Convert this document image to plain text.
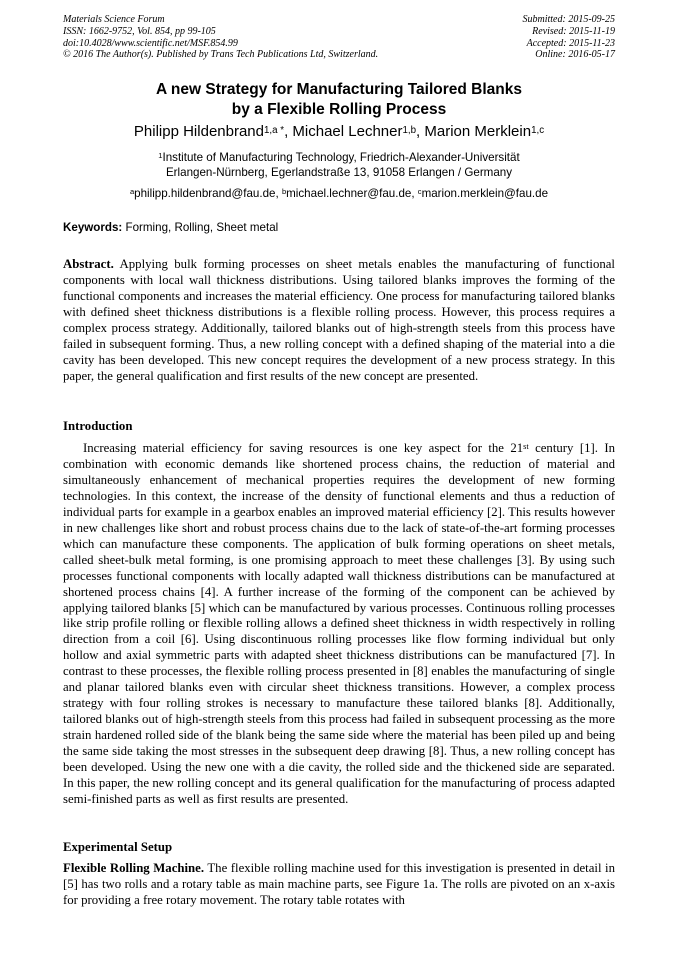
Materials Science Forum
ISSN: 1662-9752, Vol. 854, pp 99-105
doi:10.4028/www.scientific.net/MSF.854.99
© 2016 The Author(s). Published by Trans Tech Publications Ltd, Switzerland.
Submitted: 2015-09-25
Revised: 2015-11-19
Accepted: 2015-11-23
Online: 2016-05-17
A new Strategy for Manufacturing Tailored Blanks
by a Flexible Rolling Process
Philipp Hildenbrand$^{1,a *}$, Michael Lechner$^{1,b}$, Marion Merklein$^{1,c}$
$^1$Institute of Manufacturing Technology, Friedrich-Alexander-Universität
Erlangen-Nürnberg, Egerlandstraße 13, 91058 Erlangen / Germany
$^a$philipp.hildenbrand@fau.de, $^b$michael.lechner@fau.de, $^c$marion.merklein@fau.de
Keywords: Forming, Rolling, Sheet metal
Abstract. Applying bulk forming processes on sheet metals enables the manufacturing of functional components with local wall thickness distributions. Using tailored blanks improves the forming of the functional components and increases the material efficiency. One process for manufacturing tailored blanks with defined sheet thickness distributions is a flexible rolling process. However, this process requires a complex process strategy. Additionally, tailored blanks out of high-strength steels from this process have failed in subsequent forming. Thus, a new rolling concept with a defined shaping of the material into a die cavity has been developed. This new concept requires the development of a new process strategy. In this paper, the general qualification and first results of the new concept are presented.
Introduction
Increasing material efficiency for saving resources is one key aspect for the 21st century [1]. In combination with economic demands like shortened process chains, the reduction of material and simultaneously enhancement of mechanical properties requires the development of new forming technologies. In this context, the increase of the density of functional elements and thus a reduction of individual parts for example in a gearbox enables an improved material efficiency [2]. This results however in new challenges like short and robust process chains due to the lack of state-of-the-art forming processes which can manufacture these components. The application of bulk forming operations on sheet metals, called sheet-bulk metal forming, is one promising approach to meet these challenges [3]. By using such processes functional components with locally adapted wall thickness distributions can be manufactured at shortened process chains [4]. A further increase of the forming of the component can be achieved by applying tailored blanks [5] which can be manufactured by various processes. Continuous rolling processes like strip profile rolling or flexible rolling allows a defined sheet thickness in width respectively in rolling direction from a coil [6]. Using discontinuous rolling processes like flow forming individual but only hollow and axial symmetric parts with adapted sheet thickness distributions can be manufactured [7]. In contrast to these processes, the flexible rolling process presented in [8] enables the manufacturing of single and planar tailored blanks even with circular sheet thickness transitions. However, a complex process strategy with four rolling strokes is necessary to manufacture these tailored blanks [8]. Additionally, tailored blanks out of high-strength steels from this process had failed in subsequent processing as the more strain hardened rolled side of the blank being the same side where the material has been piled up and being the same side taking the most stresses in the subsequent deep drawing [8]. Thus, a new rolling concept has been developed. Using the new one with a die cavity, the rolled side and the thickened side are separated. In this paper, the new rolling concept and its general qualification for the manufacturing of process adapted semi-finished parts as well as first results are presented.
Experimental Setup
Flexible Rolling Machine. The flexible rolling machine used for this investigation is presented in detail in [5] has two rolls and a rotary table as main machine parts, see Figure 1a. The rolls are pivoted on an x-axis for providing a free rotary movement. The rotary table rotates with
